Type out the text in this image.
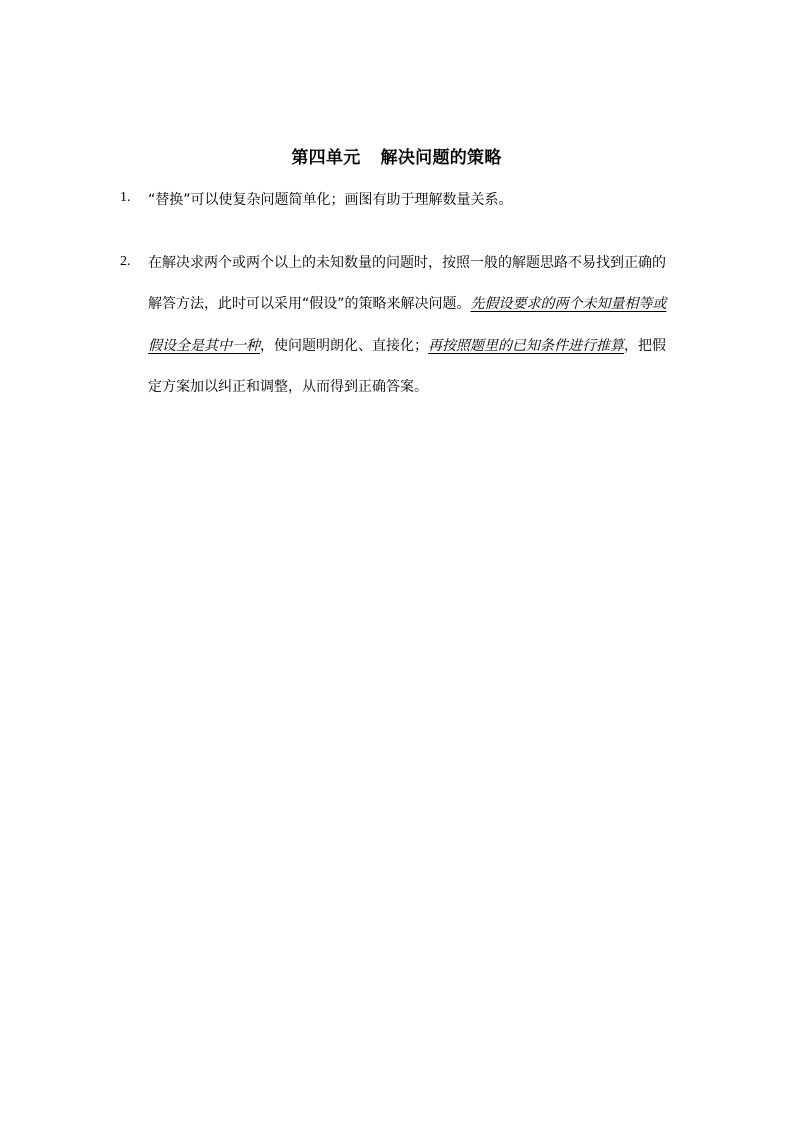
第四单元 解决问题的策略
1. “替换”可以使复杂问题简单化；画图有助于理解数量关系。
2. 在解决求两个或两个以上的未知数量的问题时，按照一般的解题思路不易找到正确的解答方法，此时可以采用“假设”的策略来解决问题。先假设要求的两个未知量相等或假设全是其中一种，使问题明朗化、直接化；再按照题里的已知条件进行推算，把假定方案加以纠正和调整，从而得到正确答案。
